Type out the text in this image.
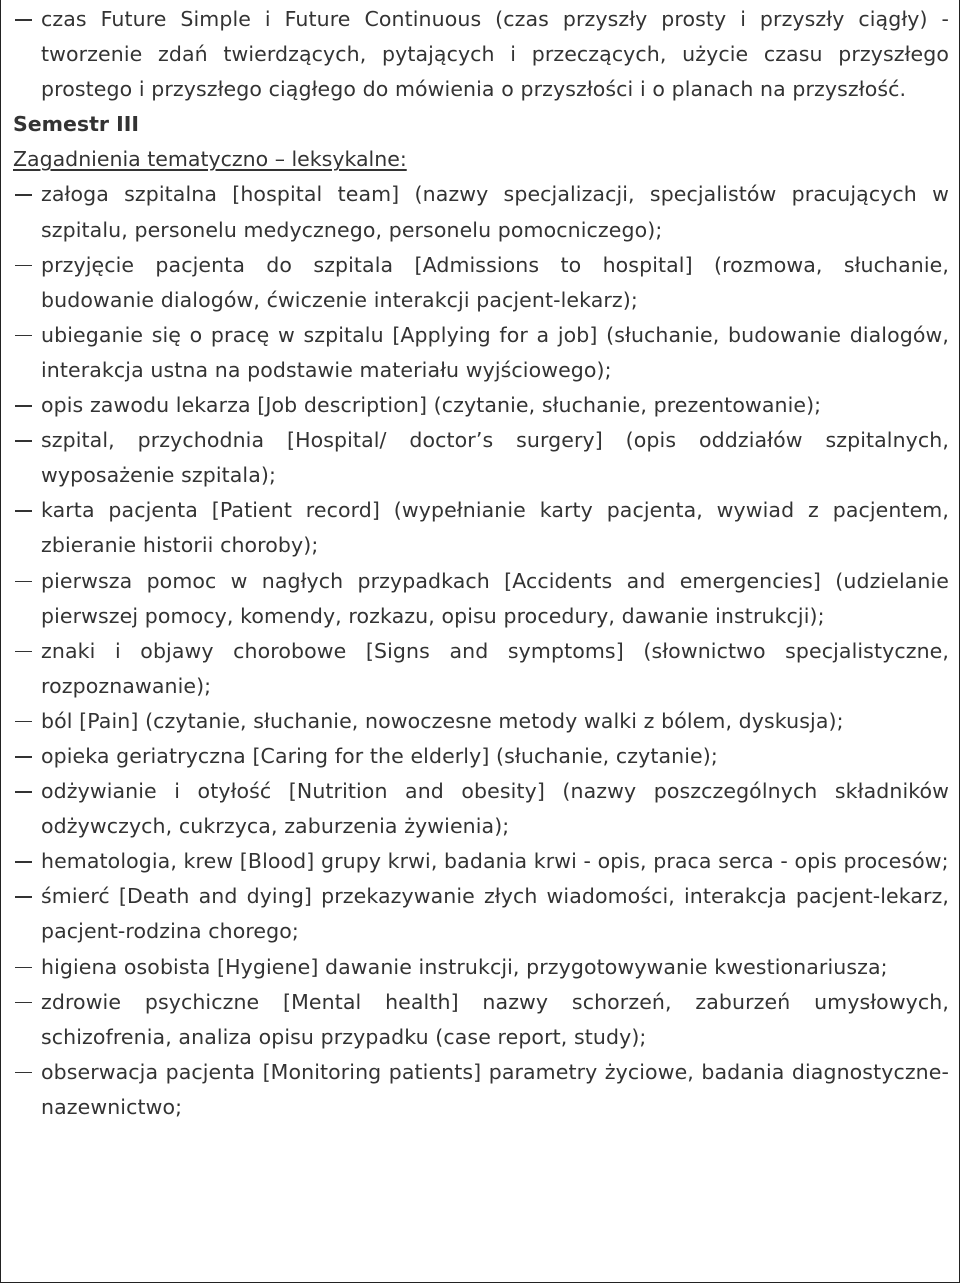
czas Future Simple i Future Continuous (czas przyszły prosty i przyszły ciągły) - tworzenie zdań twierdzących, pytających i przeczących, użycie czasu przyszłego prostego i przyszłego ciągłego do mówienia o przyszłości i o planach na przyszłość.

Semestr III

Zagadnienia tematyczno – leksykalne:

załoga szpitalna [hospital team] (nazwy specjalizacji, specjalistów pracujących w szpitalu, personelu medycznego, personelu pomocniczego);
przyjęcie pacjenta do szpitala [Admissions to hospital] (rozmowa, słuchanie, budowanie dialogów, ćwiczenie interakcji pacjent-lekarz);
ubieganie się o pracę w szpitalu [Applying for a job] (słuchanie, budowanie dialogów, interakcja ustna na podstawie materiału wyjściowego);
opis zawodu lekarza [Job description] (czytanie, słuchanie, prezentowanie);
szpital, przychodnia [Hospital/ doctor’s surgery] (opis oddziałów szpitalnych, wyposażenie szpitala);
karta pacjenta [Patient record] (wypełnianie karty pacjenta, wywiad z pacjentem, zbieranie historii choroby);
pierwsza pomoc w nagłych przypadkach [Accidents and emergencies] (udzielanie pierwszej pomocy, komendy, rozkazu, opisu procedury, dawanie instrukcji);
znaki i objawy chorobowe [Signs and symptoms] (słownictwo specjalistyczne, rozpoznawanie);
ból [Pain] (czytanie, słuchanie, nowoczesne metody walki z bólem, dyskusja);
opieka geriatryczna [Caring for the elderly] (słuchanie, czytanie);
odżywianie i otyłość [Nutrition and obesity] (nazwy poszczególnych składników odżywczych, cukrzyca, zaburzenia żywienia);
hematologia, krew [Blood] grupy krwi, badania krwi - opis, praca serca - opis procesów;
śmierć [Death and dying] przekazywanie złych wiadomości, interakcja pacjent-lekarz, pacjent-rodzina chorego;
higiena osobista [Hygiene] dawanie instrukcji, przygotowywanie kwestionariusza;
zdrowie psychiczne [Mental health] nazwy schorzeń, zaburzeń umysłowych, schizofrenia, analiza opisu przypadku (case report, study);
obserwacja pacjenta [Monitoring patients] parametry życiowe, badania diagnostyczne-nazewnictwo;
